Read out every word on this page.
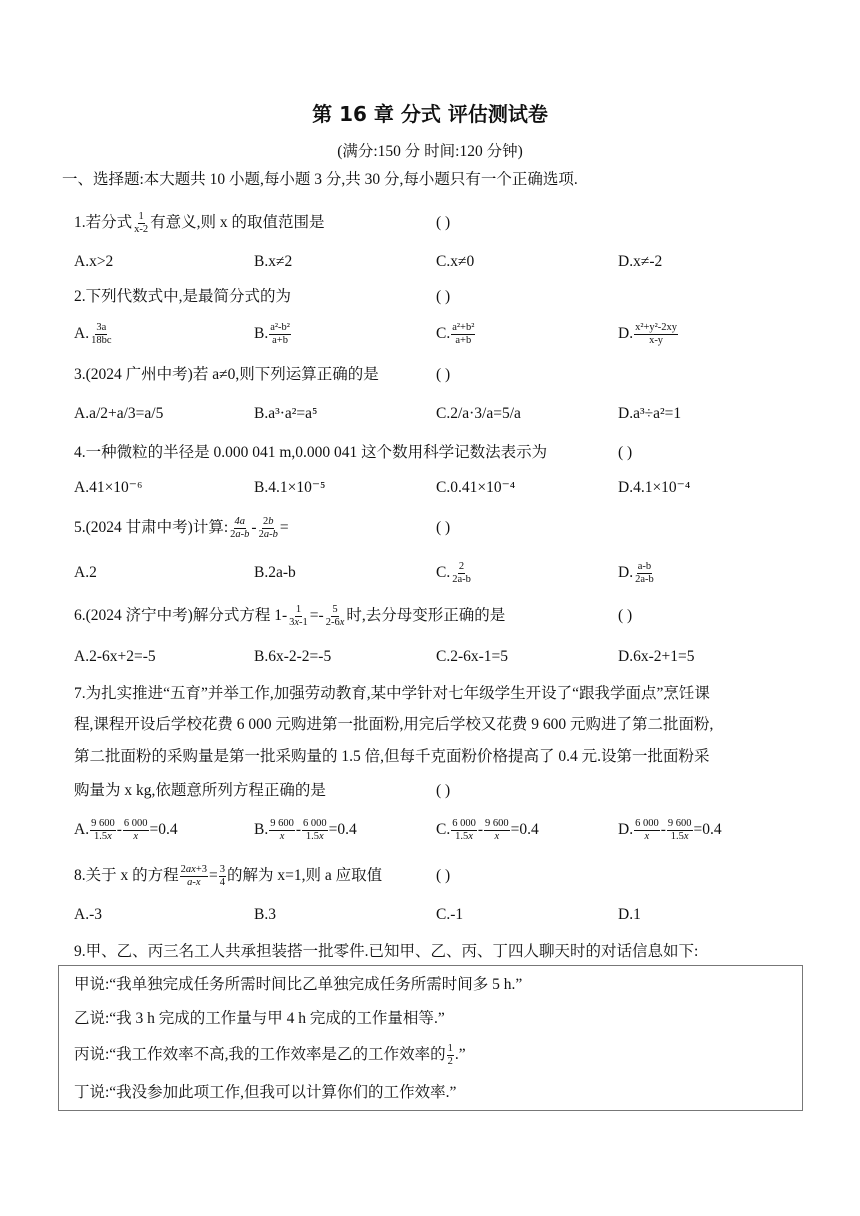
第 16 章 分式 评估测试卷
(满分:150 分 时间:120 分钟)
一、选择题:本大题共 10 小题,每小题 3 分,共 30 分,每小题只有一个正确选项.
1.若分式 $\frac{1}{x-2}$ 有意义,则 x 的取值范围是	( )
A.x>2	B.x≠2	C.x≠0	D.x≠-2
2.下列代数式中,是最简分式的为	( )
A. $\frac{3a}{18bc}$	B. $\frac{\text{a²-b²}}{a+b}$	C. $\frac{\text{a²+b²}}{a+b}$	D. $\frac{\text{x²+y²-2xy}}{x-y}$
3.(2024 广州中考)若 a≠0,则下列运算正确的是	( )
A.a/2+a/3=a/5	B.a³·a²=a⁵	C.2/a·3/a=5/a	D.a³÷a²=1
4.一种微粒的半径是 0.000 041 m,0.000 041 这个数用科学记数法表示为	( )
A.41×10⁻⁶	B.4.1×10⁻⁵	C.0.41×10⁻⁴	D.4.1×10⁻⁴
5.(2024 甘肃中考)计算: $\frac{4a}{2a-b} - \frac{2b}{2a-b}$ =	( )
A.2	B.2a-b	C. $\frac{2}{2a-b}$	D. $\frac{a-b}{2a-b}$
6.(2024 济宁中考)解分式方程 $1- \frac{1}{3x-1} =- \frac{5}{2-6x}$ 时,去分母变形正确的是	( )
A.2-6x+2=-5	B.6x-2-2=-5	C.2-6x-1=5	D.6x-2+1=5
7.为扎实推进“五育”并举工作,加强劳动教育,某中学针对七年级学生开设了“跟我学面点”烹饪课
程,课程开设后学校花费 6 000 元购进第一批面粉,用完后学校又花费 9 600 元购进了第二批面粉,
第二批面粉的采购量是第一批采购量的 1.5 倍,但每千克面粉价格提高了 0.4 元.设第一批面粉采
购量为 x kg,依题意所列方程正确的是	( )
A. $\frac{9 600}{1.5x} - \frac{6 000}{x} =0.4$	B. $\frac{9 600}{x} - \frac{6 000}{1.5x} =0.4$	C. $\frac{6 000}{1.5x} - \frac{9 600}{x} =0.4$	D. $\frac{6 000}{x} - \frac{9 600}{1.5x} =0.4$
8.关于 x 的方程 $\frac{2ax+3}{a-x} = \frac{3}{4}$ 的解为 x=1,则 a 应取值	( )
A.-3	B.3	C.-1	D.1
9.甲、乙、丙三名工人共承担装搭一批零件.已知甲、乙、丙、丁四人聊天时的对话信息如下:
甲说:“我单独完成任务所需时间比乙单独完成任务所需时间多 5 h.”
乙说:“我 3 h 完成的工作量与甲 4 h 完成的工作量相等.”
丙说:“我工作效率不高,我的工作效率是乙的工作效率的 $\frac{1}{2}$ .”
丁说:“我没参加此项工作,但我可以计算你们的工作效率.”
